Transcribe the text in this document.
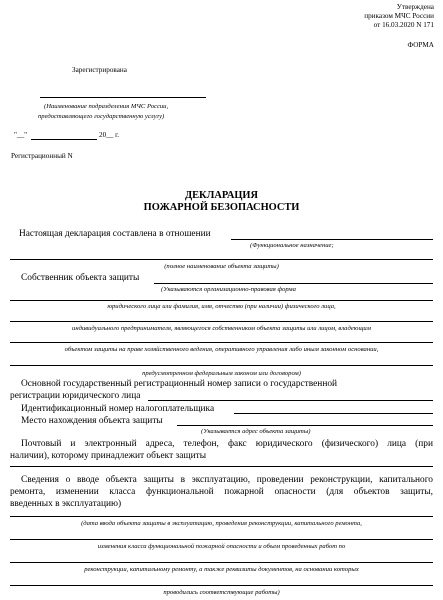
Утверждена
приказом МЧС России
от 16.03.2020 N 171
ФОРМА
Зарегистрирована
(Наименование подразделения МЧС России,
предоставляющего государственную услугу)
"__"	20__ г.
Регистрационный N
ДЕКЛАРАЦИЯ
ПОЖАРНОЙ БЕЗОПАСНОСТИ
Настоящая декларация составлена в отношении
(Функциональное назначение;
(полное наименование объекта защиты)
Собственник объекта защиты
(Указываются организационно-правовая форма
юридического лица или фамилия, имя, отчество (при наличии) физического лица,
индивидуального предпринимателя, являющегося собственником объекта защиты или лицом, владеющим
объектом защиты на праве хозяйственного ведения, оперативного управления либо иным законном основании,
предусмотренном федеральным законом или договором)
Основной государственный регистрационный номер записи о государственной
регистрации юридического лица
Идентификационный номер налогоплательщика
Место нахождения объекта защиты
(Указывается адрес объекта защиты)
Почтовый и электронный адреса, телефон, факс юридического (физического) лица (при
наличии), которому принадлежит объект защиты
Сведения о вводе объекта защиты в эксплуатацию, проведении реконструкции, капитального
ремонта, изменении класса функциональной пожарной опасности (для объектов защиты,
введенных в эксплуатацию)
(дата ввода объекта защиты в эксплуатацию, проведения реконструкции, капитального ремонта,
изменения класса функциональной пожарной опасности и объем проведенных работ по
реконструкции, капитальному ремонту, а также реквизиты документов, на основании которых
проводились соответствующие работы)
